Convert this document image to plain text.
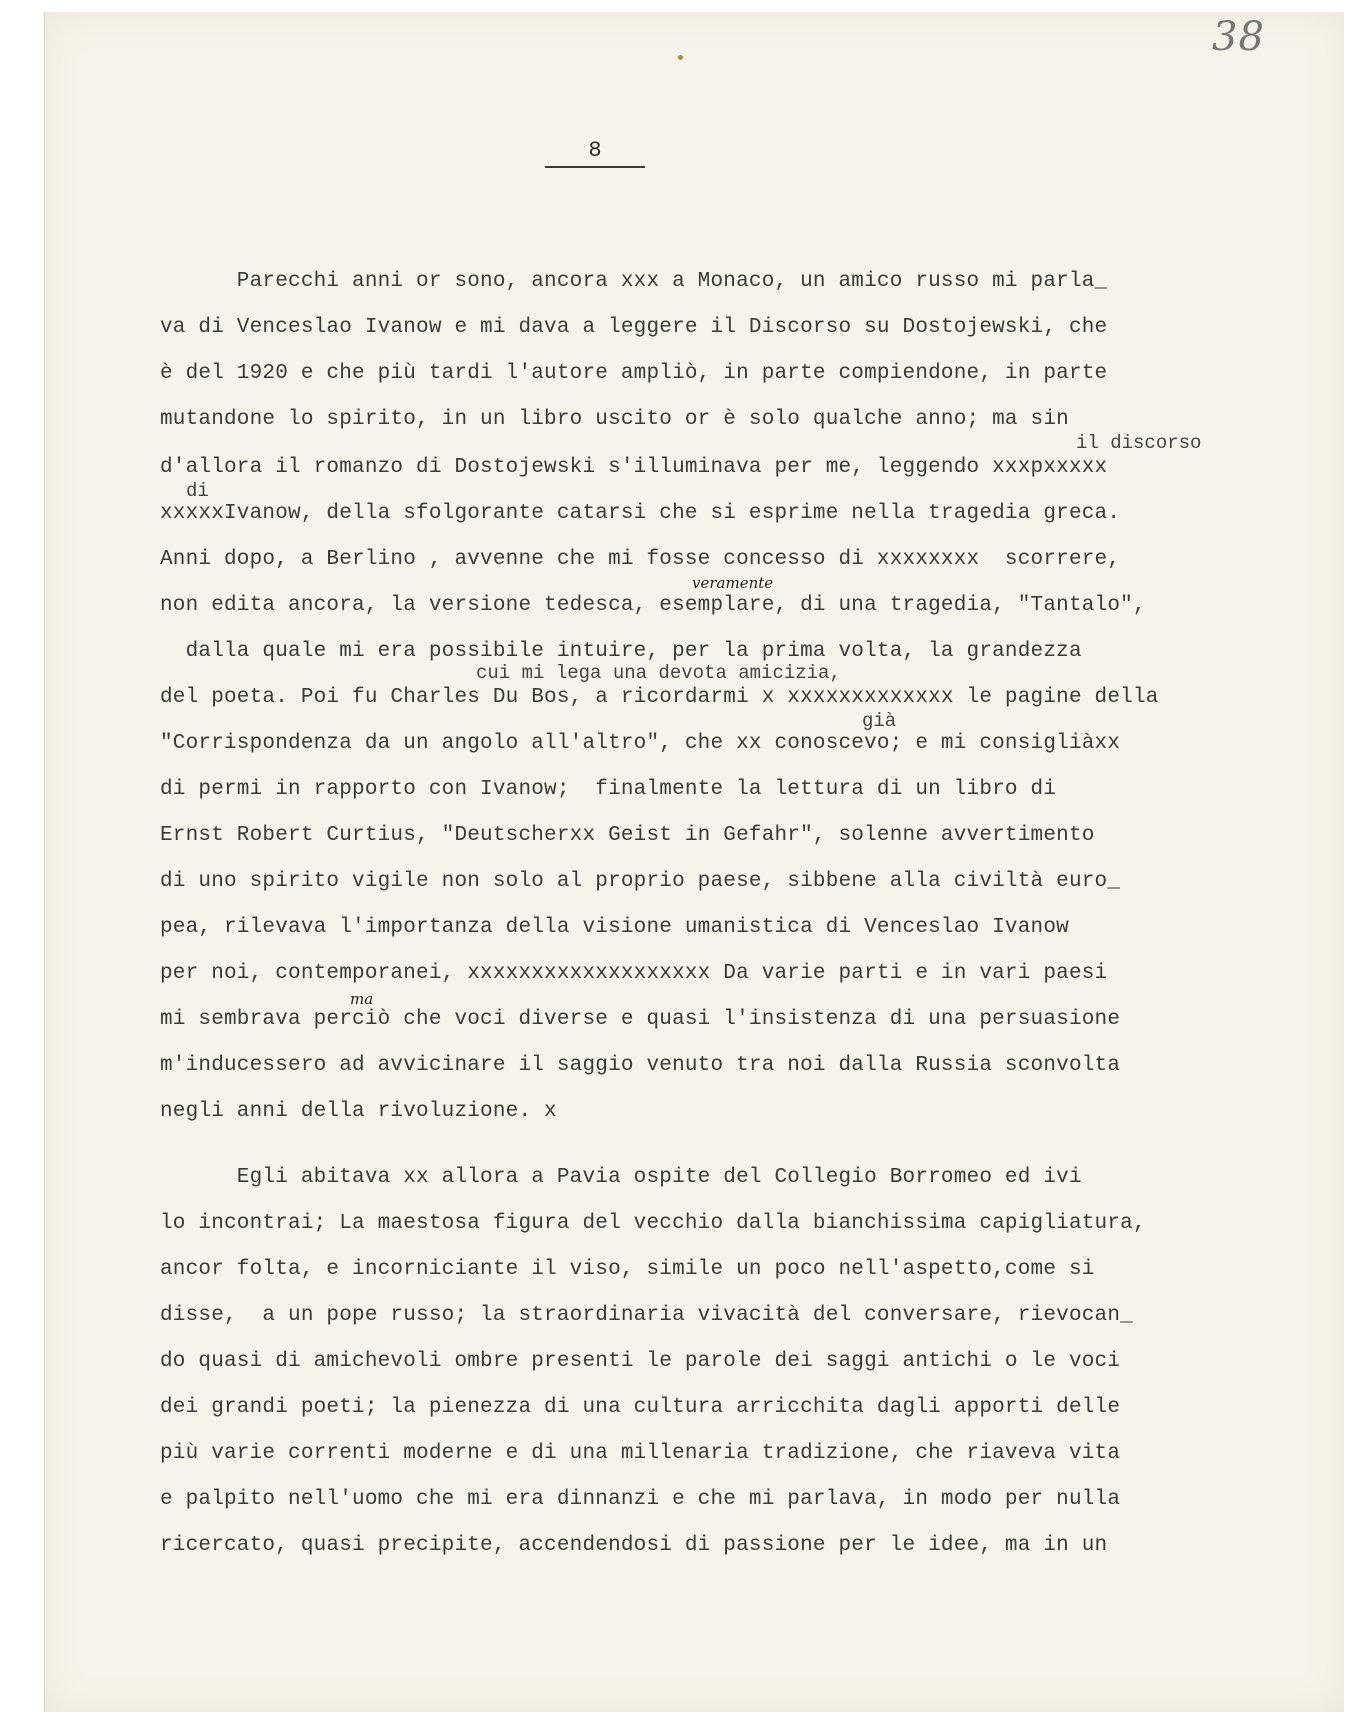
38
8
Parecchi anni or sono, ancora xxx a Monaco, un amico russo mi parla_
va di Venceslao Ivanow e mi dava a leggere il Discorso su Dostojewski, che
è del 1920 e che più tardi l'autore ampliò, in parte compiendone, in parte
mutandone lo spirito, in un libro uscito or è solo qualche anno; ma sin
d'allora il romanzo di Dostojewski s'illuminava per me, leggendo xxxpxxxxx
xxxxxIvanow, della sfolgorante catarsi che si esprime nella tragedia greca.
Anni dopo, a Berlino , avvenne che mi fosse concesso di xxxxxxxx  scorrere,
non edita ancora, la versione tedesca, esemplare, di una tragedia, "Tantalo",
dalla quale mi era possibile intuire, per la prima volta, la grandezza
del poeta. Poi fu Charles Du Bos, a ricordarmi x xxxxxxxxxxxxx le pagine della
"Corrispondenza da un angolo all'altro", che xx conoscevo; e mi consigliàxx
di permi in rapporto con Ivanow;  finalmente la lettura di un libro di
Ernst Robert Curtius, "Deutscherxx Geist in Gefahr", solenne avvertimento
di uno spirito vigile non solo al proprio paese, sibbene alla civiltà euro_
pea, rilevava l'importanza della visione umanistica di Venceslao Ivanow
per noi, contemporanei, xxxxxxxxxxxxxxxxxxx Da varie parti e in vari paesi
mi sembrava perciò che voci diverse e quasi l'insistenza di una persuasione
m'inducessero ad avvicinare il saggio venuto tra noi dalla Russia sconvolta
negli anni della rivoluzione. x
il discorso
di
cui mi lega una devota amicizia,
già
veramente
ma
Egli abitava xx allora a Pavia ospite del Collegio Borromeo ed ivi
lo incontrai; La maestosa figura del vecchio dalla bianchissima capigliatura,
ancor folta, e incorniciante il viso, simile un poco nell'aspetto,come si
disse,  a un pope russo; la straordinaria vivacità del conversare, rievocan_
do quasi di amichevoli ombre presenti le parole dei saggi antichi o le voci
dei grandi poeti; la pienezza di una cultura arricchita dagli apporti delle
più varie correnti moderne e di una millenaria tradizione, che riaveva vita
e palpito nell'uomo che mi era dinnanzi e che mi parlava, in modo per nulla
ricercato, quasi precipite, accendendosi di passione per le idee, ma in un
